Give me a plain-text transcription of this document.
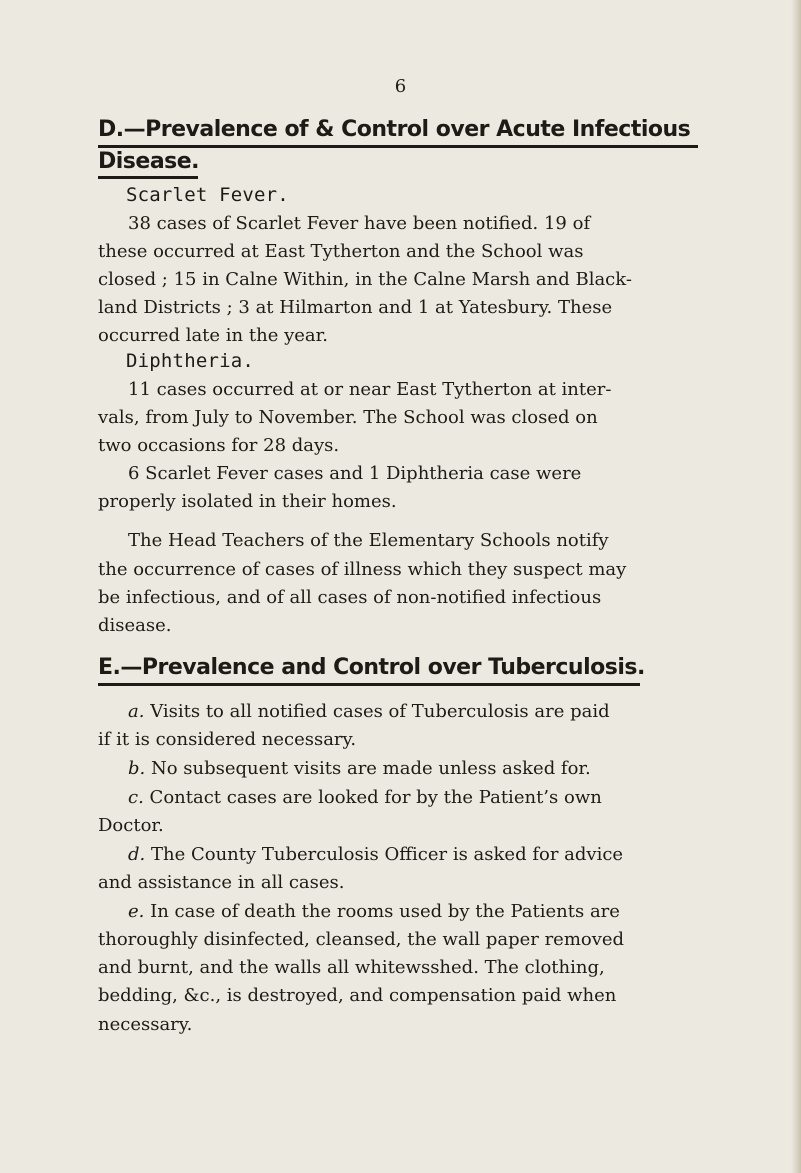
6
D.—Prevalence of & Control over Acute Infectious
Disease.
Scarlet Fever.
38 cases of Scarlet Fever have been notified. 19 of
these occurred at East Tytherton and the School was
closed ; 15 in Calne Within, in the Calne Marsh and Black-
land Districts ; 3 at Hilmarton and 1 at Yatesbury. These
occurred late in the year.
Diphtheria.
11 cases occurred at or near East Tytherton at inter-
vals, from July to November. The School was closed on
two occasions for 28 days.
6 Scarlet Fever cases and 1 Diphtheria case were
properly isolated in their homes.
The Head Teachers of the Elementary Schools notify
the occurrence of cases of illness which they suspect may
be infectious, and of all cases of non-notified infectious
disease.
E.—Prevalence and Control over Tuberculosis.
a. Visits to all notified cases of Tuberculosis are paid
if it is considered necessary.
b. No subsequent visits are made unless asked for.
c. Contact cases are looked for by the Patient’s own
Doctor.
d. The County Tuberculosis Officer is asked for advice
and assistance in all cases.
e. In case of death the rooms used by the Patients are
thoroughly disinfected, cleansed, the wall paper removed
and burnt, and the walls all whitewsshed. The clothing,
bedding, &c., is destroyed, and compensation paid when
necessary.
